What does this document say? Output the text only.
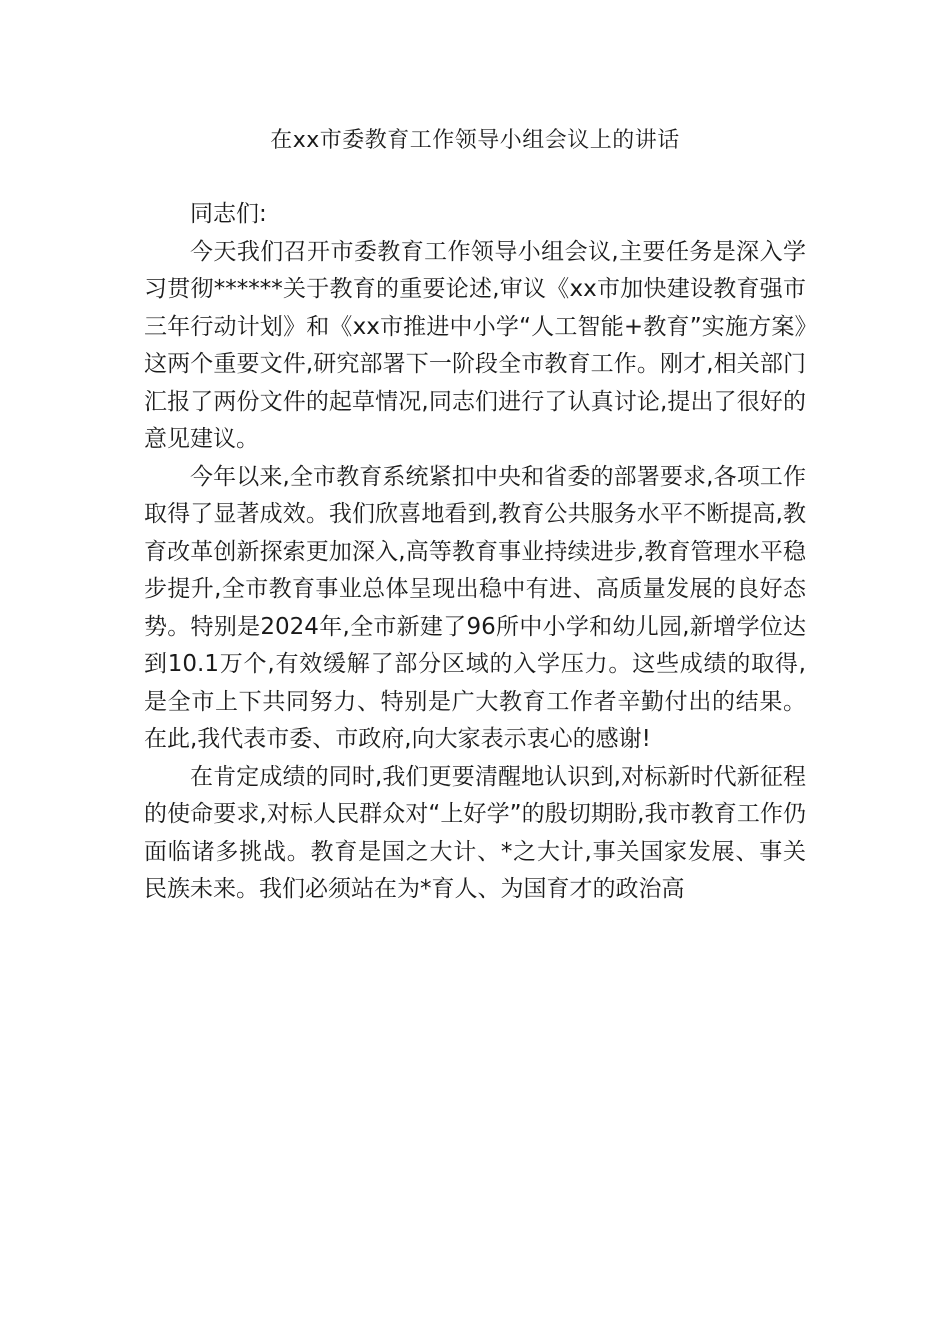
在xx市委教育工作领导小组会议上的讲话

同志们:

今天我们召开市委教育工作领导小组会议,主要任务是深入学习贯彻******关于教育的重要论述,审议《xx市加快建设教育强市三年行动计划》和《xx市推进中小学“人工智能+教育”实施方案》这两个重要文件,研究部署下一阶段全市教育工作。刚才,相关部门汇报了两份文件的起草情况,同志们进行了认真讨论,提出了很好的意见建议。

今年以来,全市教育系统紧扣中央和省委的部署要求,各项工作取得了显著成效。我们欣喜地看到,教育公共服务水平不断提高,教育改革创新探索更加深入,高等教育事业持续进步,教育管理水平稳步提升,全市教育事业总体呈现出稳中有进、高质量发展的良好态势。特别是2024年,全市新建了96所中小学和幼儿园,新增学位达到10.1万个,有效缓解了部分区域的入学压力。这些成绩的取得,是全市上下共同努力、特别是广大教育工作者辛勤付出的结果。在此,我代表市委、市政府,向大家表示衷心的感谢!

在肯定成绩的同时,我们更要清醒地认识到,对标新时代新征程的使命要求,对标人民群众对“上好学”的殷切期盼,我市教育工作仍面临诸多挑战。教育是国之大计、*之大计,事关国家发展、事关民族未来。我们必须站在为*育人、为国育才的政治高
